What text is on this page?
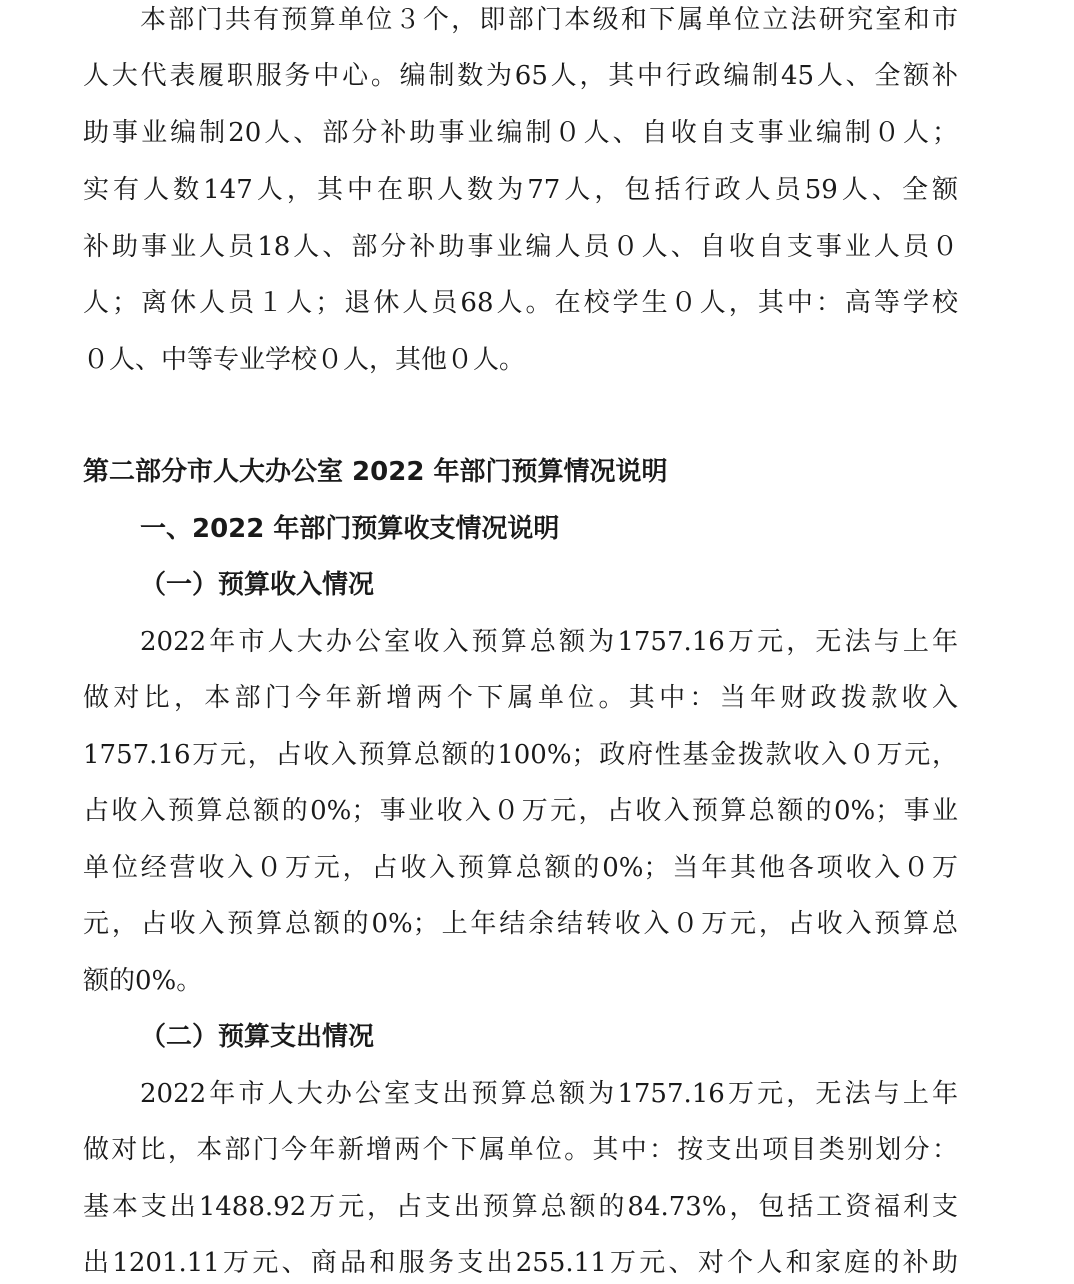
本部门共有预算单位３个，即部门本级和下属单位立法研究室和市
人大代表履职服务中心。编制数为65人，其中行政编制45人、全额补
助事业编制20人、部分补助事业编制０人、自收自支事业编制０人；
实有人数147人，其中在职人数为77人，包括行政人员59人、全额
补助事业人员18人、部分补助事业编人员０人、自收自支事业人员０
人；离休人员１人；退休人员68人。在校学生０人，其中：高等学校
０人、中等专业学校０人，其他０人。
第二部分市人大办公室 2022 年部门预算情况说明
一、2022 年部门预算收支情况说明
（一）预算收入情况
2022年市人大办公室收入预算总额为1757.16万元，无法与上年
做对比，本部门今年新增两个下属单位。其中：当年财政拨款收入
1757.16万元，占收入预算总额的100%；政府性基金拨款收入０万元，
占收入预算总额的0%；事业收入０万元，占收入预算总额的0%；事业
单位经营收入０万元，占收入预算总额的0%；当年其他各项收入０万
元，占收入预算总额的0%；上年结余结转收入０万元，占收入预算总
额的0%。
（二）预算支出情况
2022年市人大办公室支出预算总额为1757.16万元，无法与上年
做对比，本部门今年新增两个下属单位。其中：按支出项目类别划分：
基本支出1488.92万元，占支出预算总额的84.73%，包括工资福利支
出1201.11万元、商品和服务支出255.11万元、对个人和家庭的补助
